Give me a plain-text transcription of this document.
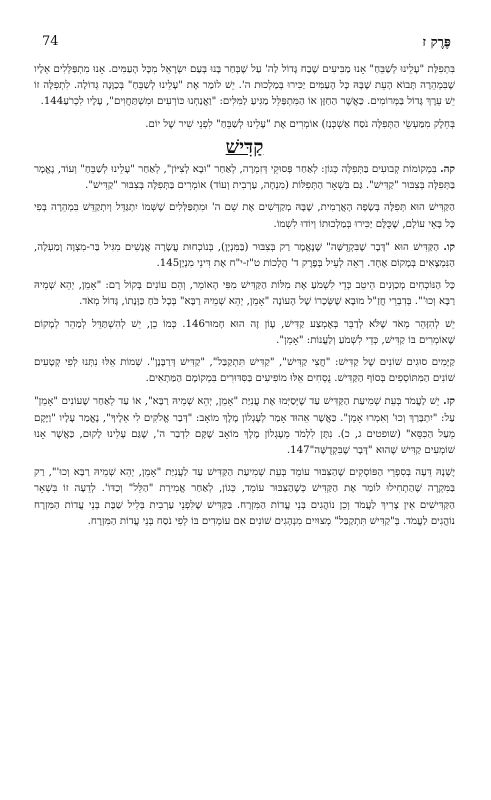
74	פֶּרֶק ז

בִּתְפִלַּת "עָלֵינוּ לְשַׁבֵּחַ" אָנוּ מַבִּיעִים שֶׁבַח גָּדוֹל לַה' עַל שֶׁבְּחַר בָּנוּ בְּעַם יִשְׂרָאֵל מִכָּל הָעַמִּים. אָנוּ מִתְפַּלְּלִים אֵלָיו שֶׁבִּמְהֵרָה תָּבוֹא הָעֵת שֶׁבָּהּ כָּל הָעַמִּים יַכִּירוּ בְּמַלְכוּת ה'. יֵשׁ לוֹמַר אֶת "עָלֵינוּ לְשַׁבֵּחַ" בְּכַוָּנָה גְּדוֹלָה. לִתְפִלָּה זוֹ יֵשׁ עֵרֶךְ גָּדוֹל בַּמְּרוֹמִים. כַּאֲשֶׁר הַחַזָּן אוֹ הַמִּתְפַּלֵּל מַגִּיעַ לַמִּלִּים: "וַאֲנַחְנוּ כּוֹרְעִים וּמִשְׁתַּחֲוִים", עָלָיו לִכְרֹעַ144.

בְּחֵלֶק מִמַּעְשֵׂי הַתְּפִלָּה נֹסַח אַשְׁכְּנַז) אוֹמְרִים אֶת "עָלֵינוּ לְשַׁבֵּחַ" לִפְנֵי שִׁיר שֶׁל יוֹם.

קַדִּישׁ

קה. בִּמְקוֹמוֹת קְבוּעִים בַּתְּפִלָּה כְּגוֹן: לְאַחַר פְּסוּקֵי דְּזִמְרָה, לְאַחַר "וּבָא לְצִיּוֹן", לְאַחַר "עָלֵינוּ לְשַׁבֵּחַ" וְעוֹד, נֶאֱמָר בַּתְּפִלָּה בְּצִבּוּר "קַדִּישׁ". גַּם בִּשְׁאָר הַתְּפִלּוֹת (מִנְחָה, עַרְבִית וְעוֹד) אוֹמְרִים בַּתְּפִלָּה בְּצִבּוּר "קַדִּישׁ".

הַקַּדִּישׁ הוּא תְּפִלָּה בְּשָׂפָה הָאֲרָמִית, שֶׁבָּהּ מְקַדְּשִׁים אֶת שֵׁם ה' וּמִתְפַּלְּלִים שֶׁשְּׁמוֹ יִתְגַּדֵּל וְיִתְקַדֵּשׁ בִּמְהֵרָה בְּפִי כָּל בָּאֵי עוֹלָם, שֶׁכֻּלָּם יַכִּירוּ בְּמַלְכוּתוֹ וְיוֹדוּ לִשְׁמוֹ.

קו. הַקַּדִּישׁ הוּא "דָּבָר שֶׁבִּקְדֻשָּׁה" שֶׁנֶּאֱמָר רַק בְּצִבּוּר (בַּמִּנְיָן), בְּנוֹכְחוּת עֲשָׂרָה אֲנָשִׁים מִגִּיל בַּר-מִצְוָה וָמַעְלָה, הַנִּמְצָאִים בְּמָקוֹם אֶחָד. רְאֵה לְעֵיל בְּפֶרֶק ד' הֲלָכוֹת ט"ז-י"ח אֶת דִּינֵי מִנְיָן145.

כָּל הַנּוֹכְחִים מְכַוְּנִים הֵיטֵב כְּדֵי לִשְׁמֹעַ אֶת מִלּוֹת הַקַּדִּישׁ מִפִּי הָאוֹמֵר, וְהֵם עוֹנִים בְּקוֹל רָם: "אָמֵן, יְהֵא שְׁמֵיהּ רַבָּא וְכוּ'". בְּדִבְרֵי חֲזַ"ל מוּבָא שֶׁשְּׂכָרוֹ שֶׁל הָעוֹנֶה "אָמֵן, יְהֵא שְׁמֵיהּ רַבָּא" בְּכָל כֹּחַ כַּוָּנָתוֹ, גָּדוֹל מְאֹד.

יֵשׁ לְהִזָּהֵר מְאֹד שֶׁלֹּא לְדַבֵּר בְּאֶמְצַע קַדִּישׁ, עָוֹן זֶה הוּא חָמוּר146. כְּמוֹ כֵן, יֵשׁ לְהִשְׁתַּדֵּל לְמַהֵר לְמָקוֹם שֶׁאוֹמְרִים בּוֹ קַדִּישׁ, כְּדֵי לִשְׁמֹעַ וְלַעֲנוֹת: "אָמֵן".

קַיָּמִים סוּגִים שׁוֹנִים שֶׁל קַדִּישׁ: "חֲצִי קַדִּישׁ", "קַדִּישׁ תִּתְקַבַּל", "קַדִּישׁ דְּרַבָּנָן". שְׁמוֹת אֵלּוּ נִתְּנוּ לְפִי קְטָעִים שׁוֹנִים הַמִּתּוֹסְפִים בְּסוֹף הַקַּדִּישׁ. נֻסְחִים אֵלּוּ מוֹפִיעִים בַּסִּדּוּרִים בִּמְקוֹמָם הַמַּתְאִים.

קז. יֵשׁ לַעֲמֹד בְּעֵת שְׁמִיעַת הַקַּדִּישׁ עַד שֶׁיְּסַיְּמוּ אֶת עֲנִיַּת "אָמֵן, יְהֵא שְׁמֵיהּ רַבָּא", אוֹ עַד לְאַחַר שֶׁעוֹנִים "אָמֵן" עַל: "יִתְבָּרַךְ וְכוּ' וְאִמְרוּ אָמֵן". כַּאֲשֶׁר אֵהוּד אָמַר לְעֶגְלוֹן מֶלֶךְ מוֹאָב: "דְּבַר אֱלֹקִים לִי אֵלֶיךָ", נֶאֱמַר עָלָיו "וַיָּקָם מֵעַל הַכִּסֵּא" (שופטים ג, כ). נִתָּן לִלְמֹד מֵעֶגְלוֹן מֶלֶךְ מוֹאָב שֶׁקָּם לִדְבַר ה', שֶׁגַּם עָלֵינוּ לָקוּם, כַּאֲשֶׁר אָנוּ שׁוֹמְעִים קַדִּישׁ שֶׁהוּא "דָּבָר שֶׁבִּקְדֻשָּׁה"147.

יֶשְׁנָהּ דֵּעָה בְּסִפְרֵי הַפּוֹסְקִים שֶׁהַצִּבּוּר עוֹמֵד בְּעֵת שְׁמִיעַת הַקַּדִּישׁ עַד לַעֲנִיַּת "אָמֵן, יְהֵא שְׁמֵיהּ רַבָּא וְכוּ'", רַק בַּמִּקְרֶה שֶׁהַתְחִילוּ לוֹמַר אֶת הַקַּדִּישׁ כְּשֶׁהַצִּבּוּר עוֹמֵד, כְּגוֹן, לְאַחַר אֲמִירַת "הַלֵּל" וְכַדּוֹ'. לְדֵעָה זוֹ בִּשְׁאָר הַקַּדִּישִׁים אֵין צָרִיךְ לַעֲמֹד וְכֵן נוֹהֲגִים בְּנֵי עֲדוֹת הַמִּזְרָח. בַּקַּדִּישׁ שֶׁלִּפְנֵי עַרְבִית בְּלֵיל שַׁבָּת בְּנֵי עֲדוֹת הַמִּזְרָח נוֹהֲגִים לַעֲמֹד. בְּ"קַדִּישׁ תִּתְקַבַּל" מְצוּיִים מִנְהָגִים שׁוֹנִים אִם עוֹמְדִים בּוֹ לְפִי נֹסַח בְּנֵי עֲדוֹת הַמִּזְרָח.
